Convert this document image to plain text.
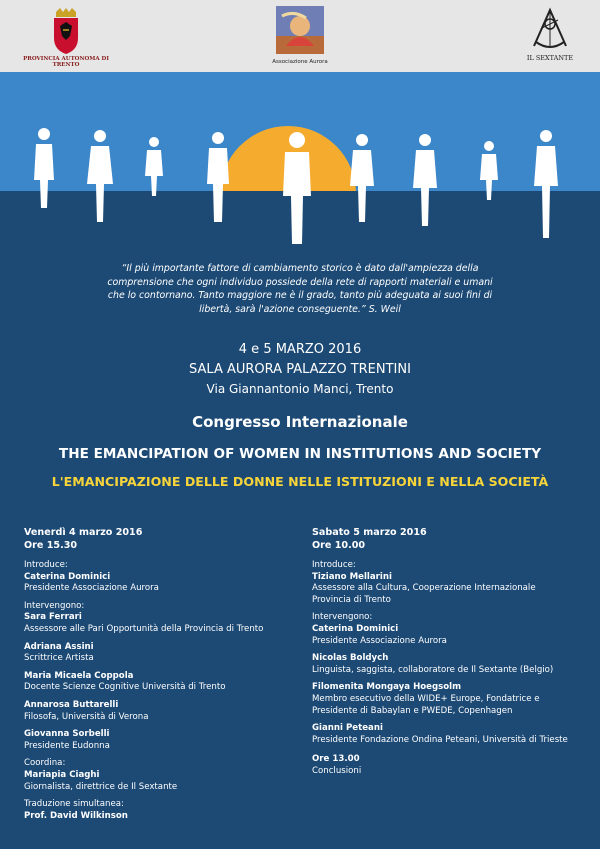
PROVINCIA AUTONOMA DI TRENTO	Associazione Aurora	IL SEXTANTE
“Il più importante fattore di cambiamento storico è dato dall'ampiezza della comprensione che ogni individuo possiede della rete di rapporti materiali e umani che lo contornano. Tanto maggiore ne è il grado, tanto più adeguata ai suoi fini di libertà, sarà l'azione conseguente.” S. Weil
4 e 5 MARZO 2016
SALA AURORA PALAZZO TRENTINI
Via Giannantonio Manci, Trento
Congresso Internazionale
THE EMANCIPATION OF WOMEN IN INSTITUTIONS AND SOCIETY
L'EMANCIPAZIONE DELLE DONNE NELLE ISTITUZIONI E NELLA SOCIETÀ
Venerdì 4 marzo 2016
Ore 15.30
Introduce:
Caterina Dominici
Presidente Associazione Aurora
Intervengono:
Sara Ferrari
Assessore alle Pari Opportunità della Provincia di Trento
Adriana Assini
Scrittrice Artista
Maria Micaela Coppola
Docente Scienze Cognitive Università di Trento
Annarosa Buttarelli
Filosofa, Università di Verona
Giovanna Sorbelli
Presidente Eudonna
Coordina:
Mariapia Ciaghi
Giornalista, direttrice de Il Sextante
Traduzione simultanea:
Prof. David Wilkinson
Sabato 5 marzo 2016
Ore 10.00
Introduce:
Tiziano Mellarini
Assessore alla Cultura, Cooperazione Internazionale
Provincia di Trento
Intervengono:
Caterina Dominici
Presidente Associazione Aurora
Nicolas Boldych
Linguista, saggista, collaboratore de Il Sextante (Belgio)
Filomenita Mongaya Hoegsolm
Membro esecutivo della WIDE+ Europe, Fondatrice e
Presidente di Babaylan e PWEDE, Copenhagen
Gianni Peteani
Presidente Fondazione Ondina Peteani, Università di Trieste
Ore 13.00
Conclusioni
